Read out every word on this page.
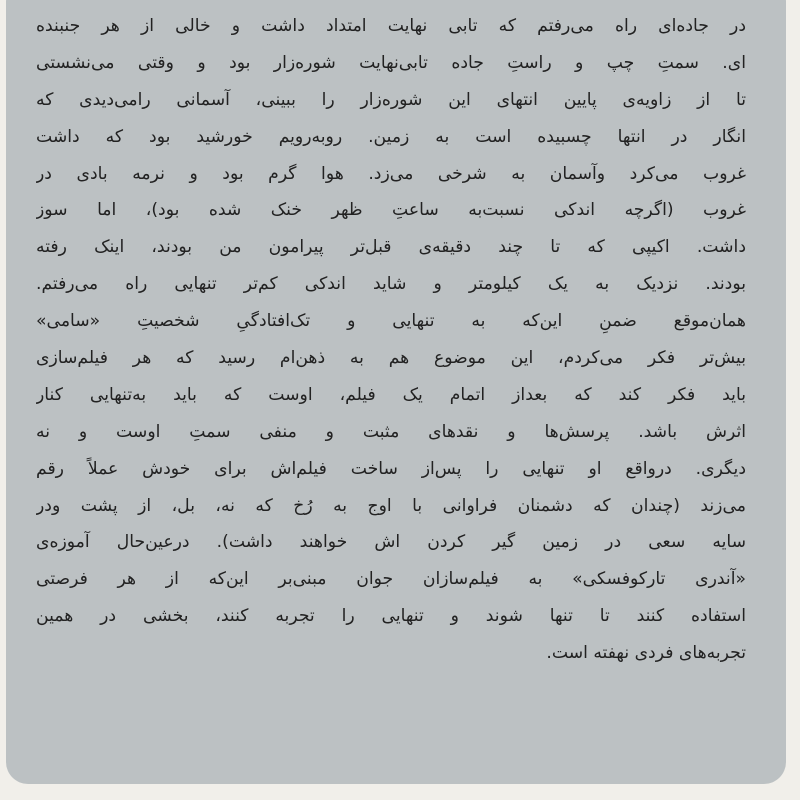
در جاده‌ای راه می‌رفتم که تابی نهایت امتداد داشت و خالی از هر جنبنده
ای. سمتِ چپ و راستِ جاده تابی‌نهایت شوره‌زار بود و وقتی می‌نشستی
تا از زاویه‌ی پایین انتهای این شوره‌زار را ببینی، آسمانی رامی‌دیدی که
انگار در انتها چسبیده است به زمین. روبه‌رویم خورشید بود که داشت
غروب می‌کرد وآسمان به شرخی می‌زد. هوا گرم بود و نرمه بادی در
غروب (اگرچه اندکی نسبت‌به ساعتِ ظهر خنک شده بود)، اما سوز
داشت. اکیپی که تا چند دقیقه‌ی قبل‌تر پیرامون من بودند، اینک رفته
بودند. نزدیک به یک کیلومتر و شاید اندکی کم‌تر تنهایی راه می‌رفتم.
همان‌موقع ضمنِ این‌که به تنهایی و تک‌افتادگیِ شخصیتِ «سامی»
بیش‌تر فکر می‌کردم، این موضوع هم به ذهن‌ام رسید که هر فیلم‌سازی
باید فکر کند که بعداز اتمام یک فیلم، اوست که باید به‌تنهایی کنار
اثرش باشد. پرسش‌ها و نقدهای مثبت و منفی سمتِ اوست و نه
دیگری. درواقع او تنهایی را پس‌از ساخت فیلم‌اش برای خودش عملاً رقم
می‌زند (چندان که دشمنان فراوانی با اوج به رُخ که نه، بل، از پشت ودر
سایه سعی در زمین گیر کردن اش خواهند داشت). درعین‌حال آموزه‌ی
«آندری تارکوفسکی» به فیلم‌سازان جوان مبنی‌بر این‌که از هر فرصتی
استفاده کنند تا تنها شوند و تنهایی را تجربه کنند، بخشی در همین
تجربه‌های فردی نهفته است.
